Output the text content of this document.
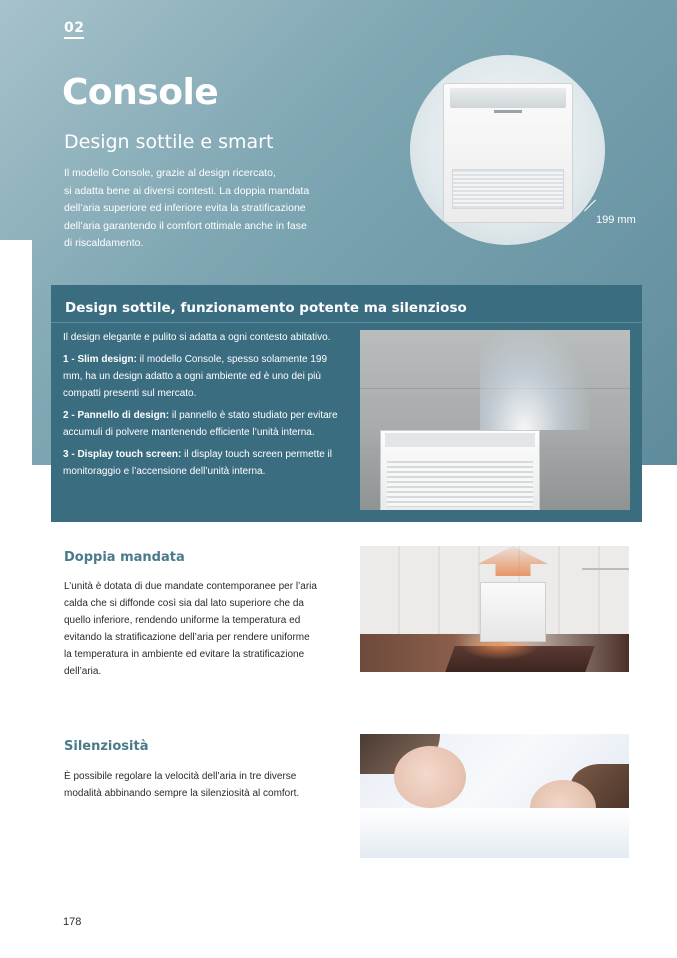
02
Console
Design sottile e smart
Il modello Console, grazie al design ricercato,
si adatta bene ai diversi contesti. La doppia mandata
dell’aria superiore ed inferiore evita la stratificazione
dell’aria garantendo il comfort ottimale anche in fase
di riscaldamento.
199 mm
Design sottile, funzionamento potente ma silenzioso

Il design elegante e pulito si adatta a ogni contesto abitativo.

1 - Slim design: il modello Console, spesso solamente 199 mm, ha un design adatto a ogni ambiente ed è uno dei più compatti presenti sul mercato.

2 - Pannello di design: il pannello è stato studiato per evitare accumuli di polvere mantenendo efficiente l’unità interna.

3 - Display touch screen: il display touch screen permette il monitoraggio e l’accensione dell’unità interna.

Doppia mandata
L’unità è dotata di due mandate contemporanee per l’aria
calda che si diffonde così sia dal lato superiore che da
quello inferiore, rendendo uniforme la temperatura ed
evitando la stratificazione dell’aria per rendere uniforme
la temperatura in ambiente ed evitare la stratificazione
dell’aria.
Silenziosità
È possibile regolare la velocità dell’aria in tre diverse
modalità abbinando sempre la silenziosità al comfort.
178
